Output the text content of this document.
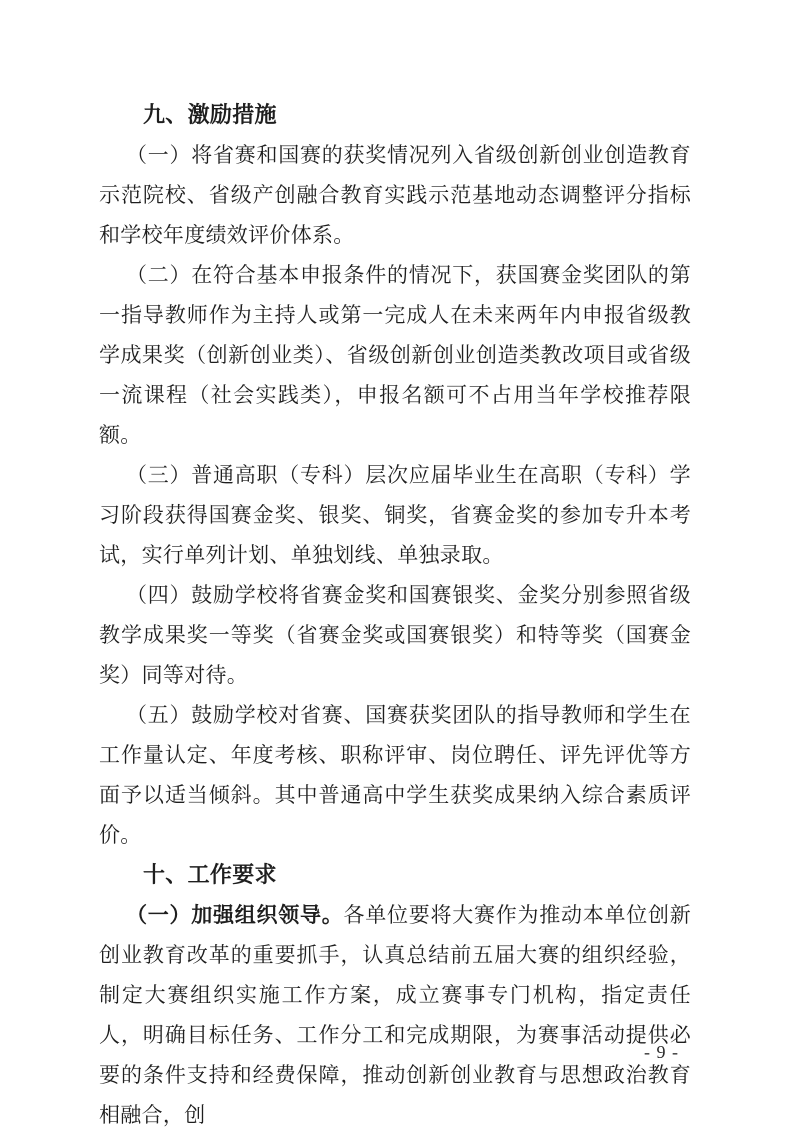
九、激励措施

（一）将省赛和国赛的获奖情况列入省级创新创业创造教育示范院校、省级产创融合教育实践示范基地动态调整评分指标和学校年度绩效评价体系。

（二）在符合基本申报条件的情况下，获国赛金奖团队的第一指导教师作为主持人或第一完成人在未来两年内申报省级教学成果奖（创新创业类）、省级创新创业创造类教改项目或省级一流课程（社会实践类），申报名额可不占用当年学校推荐限额。

（三）普通高职（专科）层次应届毕业生在高职（专科）学习阶段获得国赛金奖、银奖、铜奖，省赛金奖的参加专升本考试，实行单列计划、单独划线、单独录取。

（四）鼓励学校将省赛金奖和国赛银奖、金奖分别参照省级教学成果奖一等奖（省赛金奖或国赛银奖）和特等奖（国赛金奖）同等对待。

（五）鼓励学校对省赛、国赛获奖团队的指导教师和学生在工作量认定、年度考核、职称评审、岗位聘任、评先评优等方面予以适当倾斜。其中普通高中学生获奖成果纳入综合素质评价。

十、工作要求

（一）加强组织领导。各单位要将大赛作为推动本单位创新创业教育改革的重要抓手，认真总结前五届大赛的组织经验，制定大赛组织实施工作方案，成立赛事专门机构，指定责任人，明确目标任务、工作分工和完成期限，为赛事活动提供必要的条件支持和经费保障，推动创新创业教育与思想政治教育相融合，创

- 9 -
